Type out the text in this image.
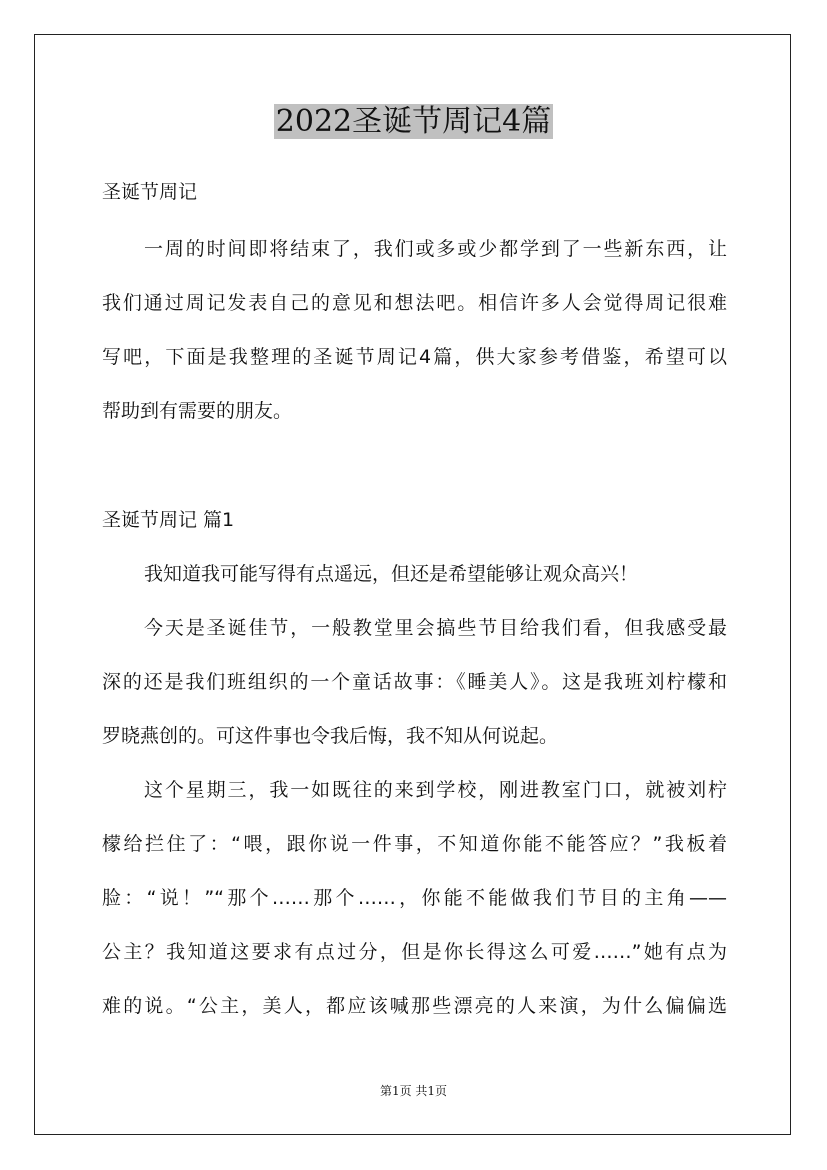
2022圣诞节周记4篇
圣诞节周记
一周的时间即将结束了，我们或多或少都学到了一些新东西，让
我们通过周记发表自己的意见和想法吧。相信许多人会觉得周记很难
写吧，下面是我整理的圣诞节周记4篇，供大家参考借鉴，希望可以
帮助到有需要的朋友。
圣诞节周记 篇1
我知道我可能写得有点遥远，但还是希望能够让观众高兴！
今天是圣诞佳节，一般教堂里会搞些节目给我们看，但我感受最
深的还是我们班组织的一个童话故事：《睡美人》。这是我班刘柠檬和
罗晓燕创的。可这件事也令我后悔，我不知从何说起。
这个星期三，我一如既往的来到学校，刚进教室门口，就被刘柠
檬给拦住了：“喂，跟你说一件事，不知道你能不能答应？”我板着
脸：“说！”“那个……那个……，你能不能做我们节目的主角——
公主？我知道这要求有点过分，但是你长得这么可爱……”她有点为
难的说。“公主，美人，都应该喊那些漂亮的人来演，为什么偏偏选
第1页 共1页
